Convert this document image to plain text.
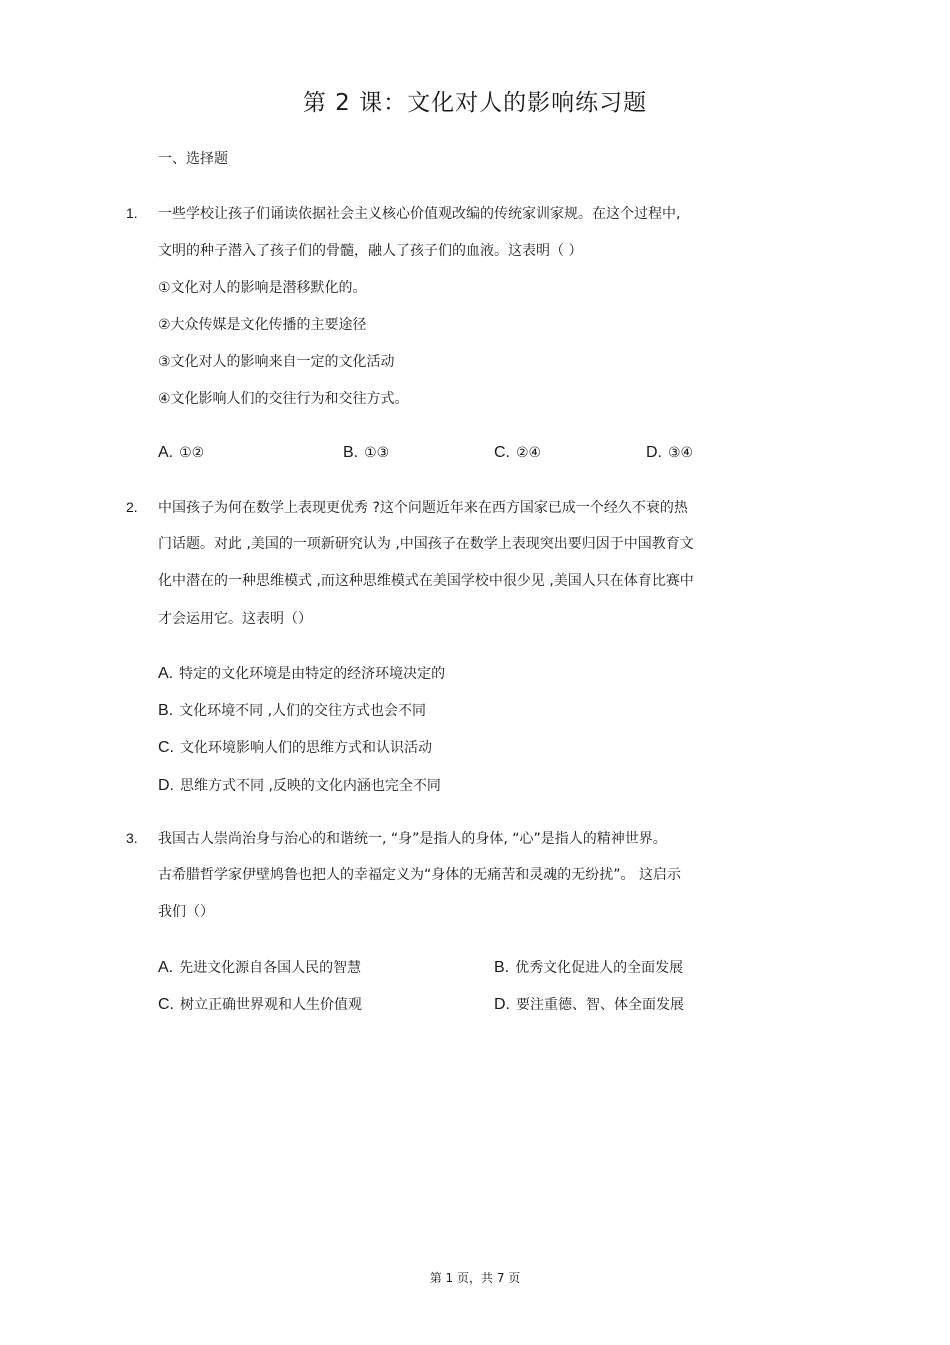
第 2 课：文化对人的影响练习题
一、选择题
1. 一些学校让孩子们诵读依据社会主义核心价值观改编的传统家训家规。在这个过程中,
文明的种子潜入了孩子们的骨髓，融人了孩子们的血液。这表明（ ）
①文化对人的影响是潜移默化的。
②大众传媒是文化传播的主要途径
③文化对人的影响来自一定的文化活动
④文化影响人们的交往行为和交往方式。
A. ①②	B. ①③	C. ②④	D. ③④
2. 中国孩子为何在数学上表现更优秀 ?这个问题近年来在西方国家已成一个经久不衰的热
门话题。对此 ,美国的一项新研究认为 ,中国孩子在数学上表现突出要归因于中国教育文
化中潜在的一种思维模式 ,而这种思维模式在美国学校中很少见 ,美国人只在体育比赛中
才会运用它。这表明（）
A. 特定的文化环境是由特定的经济环境决定的
B. 文化环境不同 ,人们的交往方式也会不同
C. 文化环境影响人们的思维方式和认识活动
D. 思维方式不同 ,反映的文化内涵也完全不同
3. 我国古人崇尚治身与治心的和谐统一, “身”是指人的身体, “心”是指人的精神世界。
古希腊哲学家伊壁鸠鲁也把人的幸福定义为“身体的无痛苦和灵魂的无纷扰”。 这启示
我们（）
A. 先进文化源自各国人民的智慧	B. 优秀文化促进人的全面发展
C. 树立正确世界观和人生价值观	D. 要注重德、智、体全面发展
第 1 页，共 7 页
